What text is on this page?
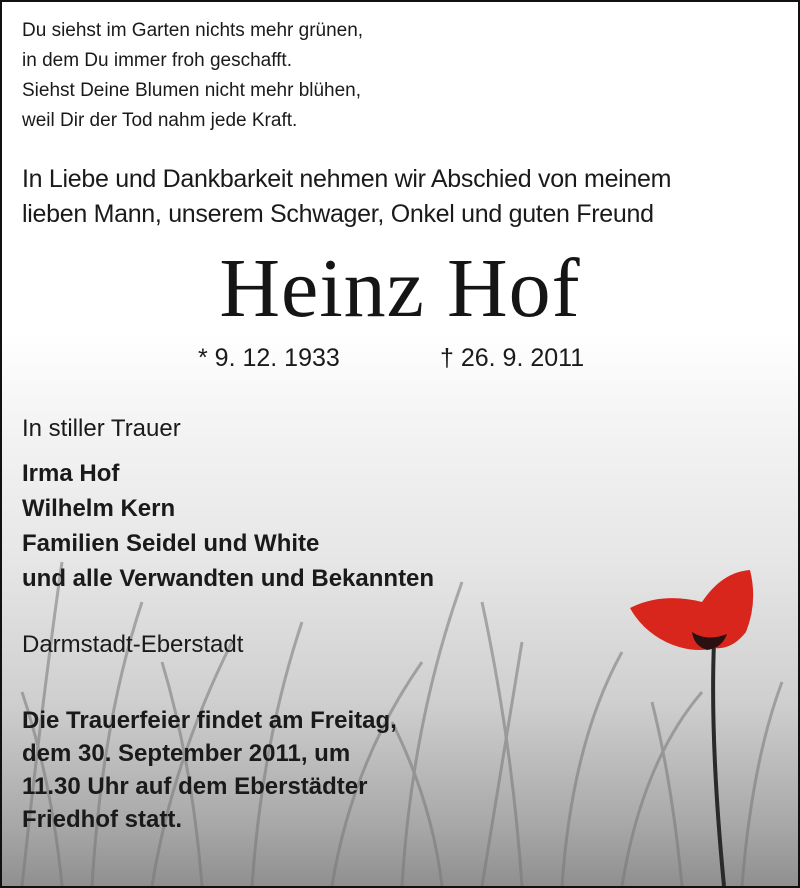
Du siehst im Garten nichts mehr grünen,
in dem Du immer froh geschafft.
Siehst Deine Blumen nicht mehr blühen,
weil Dir der Tod nahm jede Kraft.
In Liebe und Dankbarkeit nehmen wir Abschied von meinem
lieben Mann, unserem Schwager, Onkel und guten Freund
Heinz Hof
* 9. 12. 1933	† 26. 9. 2011
In stiller Trauer
Irma Hof
Wilhelm Kern
Familien Seidel und White
und alle Verwandten und Bekannten
Darmstadt-Eberstadt
Die Trauerfeier findet am Freitag,
dem 30. September 2011, um
11.30 Uhr auf dem Eberstädter
Friedhof statt.
